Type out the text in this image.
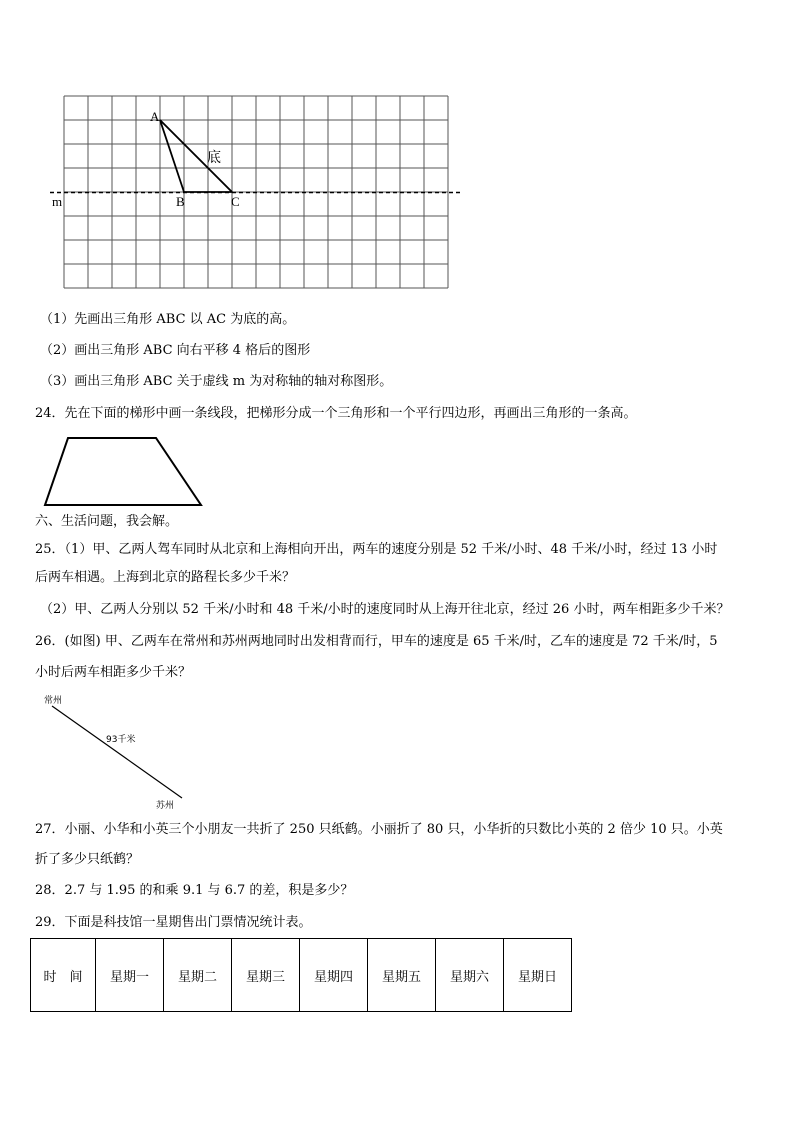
A
B	C
m
底
（1）先画出三角形 ABC 以 AC 为底的高。
（2）画出三角形 ABC 向右平移 4 格后的图形
（3）画出三角形 ABC 关于虚线 m 为对称轴的轴对称图形。
24．先在下面的梯形中画一条线段，把梯形分成一个三角形和一个平行四边形，再画出三角形的一条高。
六、生活问题，我会解。
25．（1）甲、乙两人驾车同时从北京和上海相向开出，两车的速度分别是 52 千米/小时、48 千米/小时，经过 13 小时
后两车相遇。上海到北京的路程长多少千米？
（2）甲、乙两人分别以 52 千米/小时和 48 千米/小时的速度同时从上海开往北京，经过 26 小时，两车相距多少千米？
26．(如图) 甲、乙两车在常州和苏州两地同时出发相背而行，甲车的速度是 65 千米/时，乙车的速度是 72 千米/时，5
小时后两车相距多少千米？
常州
93千米
苏州
27．小丽、小华和小英三个小朋友一共折了 250 只纸鹤。小丽折了 80 只，小华折的只数比小英的 2 倍少 10 只。小英
折了多少只纸鹤？
28．2.7 与 1.95 的和乘 9.1 与 6.7 的差，积是多少？
29．下面是科技馆一星期售出门票情况统计表。
时　间	星期一	星期二	星期三	星期四	星期五	星期六	星期日
